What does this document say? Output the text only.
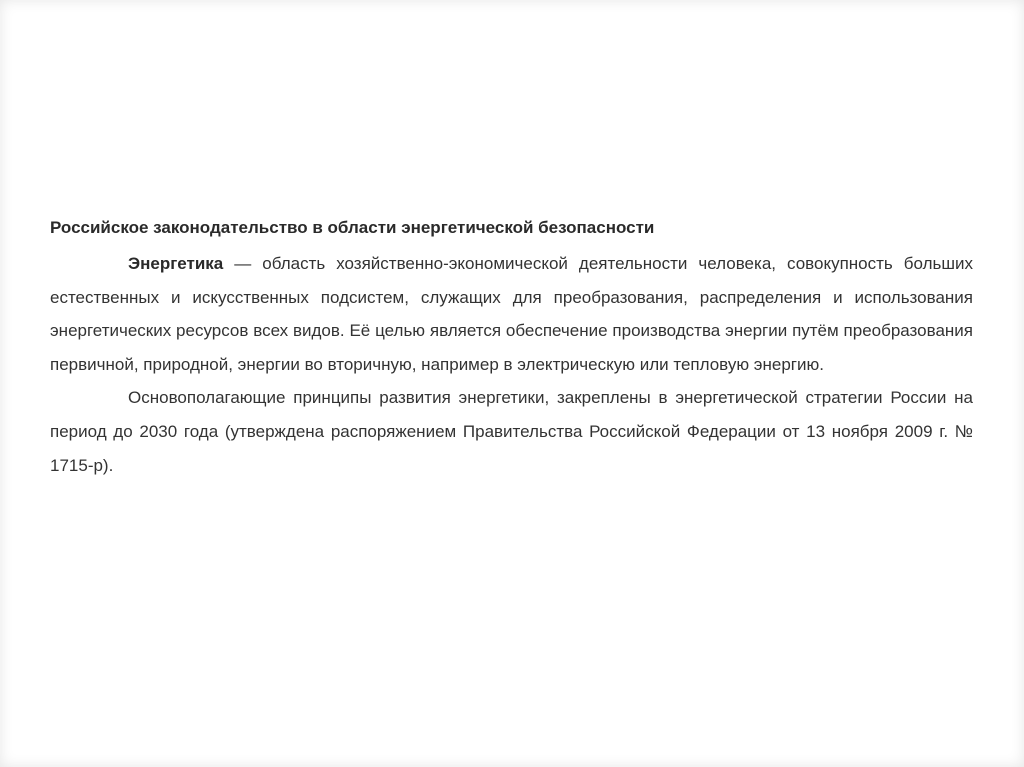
Российское законодательство в области энергетической безопасности

Энергетика — область хозяйственно-экономической деятельности человека, совокупность больших естественных и искусственных подсистем, служащих для преобразования, распределения и использования энергетических ресурсов всех видов. Её целью является обеспечение производства энергии путём преобразования первичной, природной, энергии во вторичную, например в электрическую или тепловую энергию.

Основополагающие принципы развития энергетики, закреплены в энергетической стратегии России на период до 2030 года (утверждена распоряжением Правительства Российской Федерации от 13 ноября 2009 г. № 1715-р).
